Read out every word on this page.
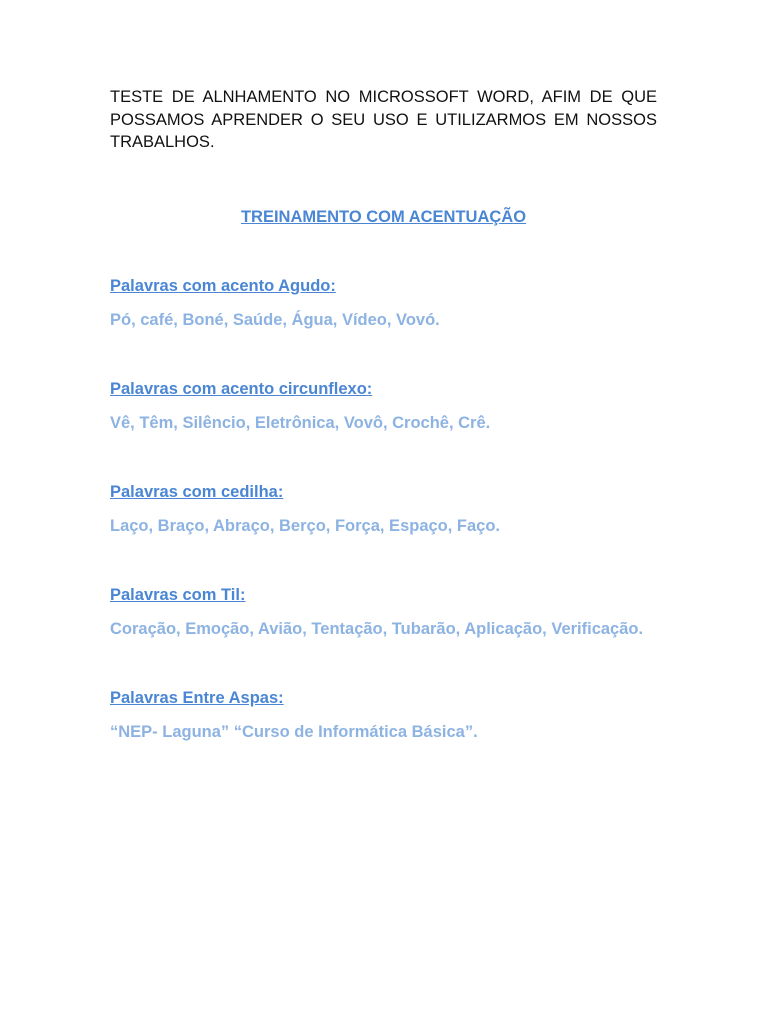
TESTE DE ALNHAMENTO NO MICROSSOFT WORD, AFIM DE QUE POSSAMOS APRENDER O SEU USO E UTILIZARMOS EM NOSSOS TRABALHOS.

TREINAMENTO COM ACENTUAÇÃO

Palavras com acento Agudo:

Pó, café, Boné, Saúde, Água, Vídeo, Vovó.

Palavras com acento circunflexo:

Vê, Têm, Silêncio, Eletrônica, Vovô, Crochê, Crê.

Palavras com cedilha:

Laço, Braço, Abraço, Berço, Força, Espaço, Faço.

Palavras com Til:

Coração, Emoção, Avião, Tentação, Tubarão, Aplicação, Verificação.

Palavras Entre Aspas:

“NEP- Laguna” “Curso de Informática Básica”.
